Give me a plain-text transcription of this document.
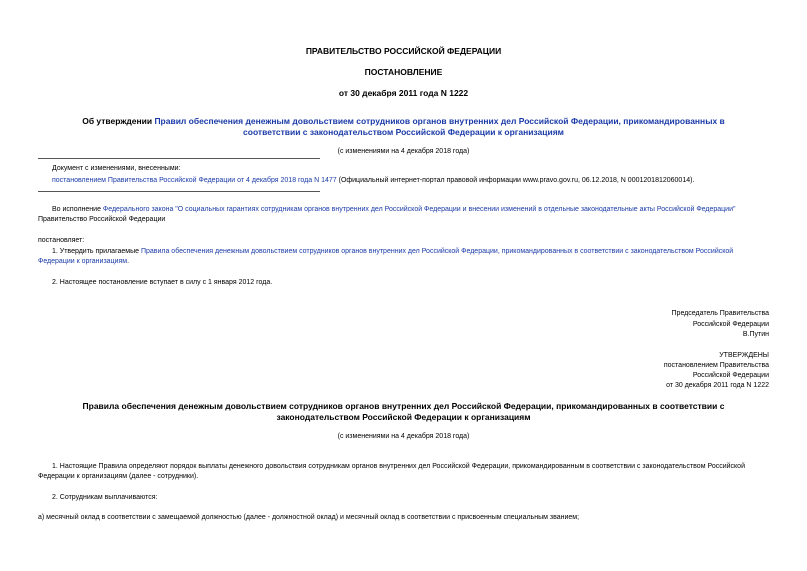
ПРАВИТЕЛЬСТВО РОССИЙСКОЙ ФЕДЕРАЦИИ
ПОСТАНОВЛЕНИЕ
от 30 декабря 2011 года N 1222
Об утверждении Правил обеспечения денежным довольствием сотрудников органов внутренних дел Российской Федерации, прикомандированных в
соответствии с законодательством Российской Федерации к организациям
(с изменениями на 4 декабря 2018 года)
Документ с изменениями, внесенными:
постановлением Правительства Российской Федерации от 4 декабря 2018 года N 1477 (Официальный интернет-портал правовой информации www.pravo.gov.ru, 06.12.2018, N 0001201812060014).
Во исполнение Федерального закона "О социальных гарантиях сотрудникам органов внутренних дел Российской Федерации и внесении изменений в отдельные законодательные акты Российской Федерации"
Правительство Российской Федерации
постановляет:
1. Утвердить прилагаемые Правила обеспечения денежным довольствием сотрудников органов внутренних дел Российской Федерации, прикомандированных в соответствии с законодательством Российской
Федерации к организациям.
2. Настоящее постановление вступает в силу с 1 января 2012 года.
Председатель Правительства
Российской Федерации
В.Путин
УТВЕРЖДЕНЫ
постановлением Правительства
Российской Федерации
от 30 декабря 2011 года N 1222
Правила обеспечения денежным довольствием сотрудников органов внутренних дел Российской Федерации, прикомандированных в соответствии с
законодательством Российской Федерации к организациям
(с изменениями на 4 декабря 2018 года)
1. Настоящие Правила определяют порядок выплаты денежного довольствия сотрудникам органов внутренних дел Российской Федерации, прикомандированным в соответствии с законодательством Российской
Федерации к организациям (далее - сотрудники).
2. Сотрудникам выплачиваются:
а) месячный оклад в соответствии с замещаемой должностью (далее - должностной оклад) и месячный оклад в соответствии с присвоенным специальным званием;
